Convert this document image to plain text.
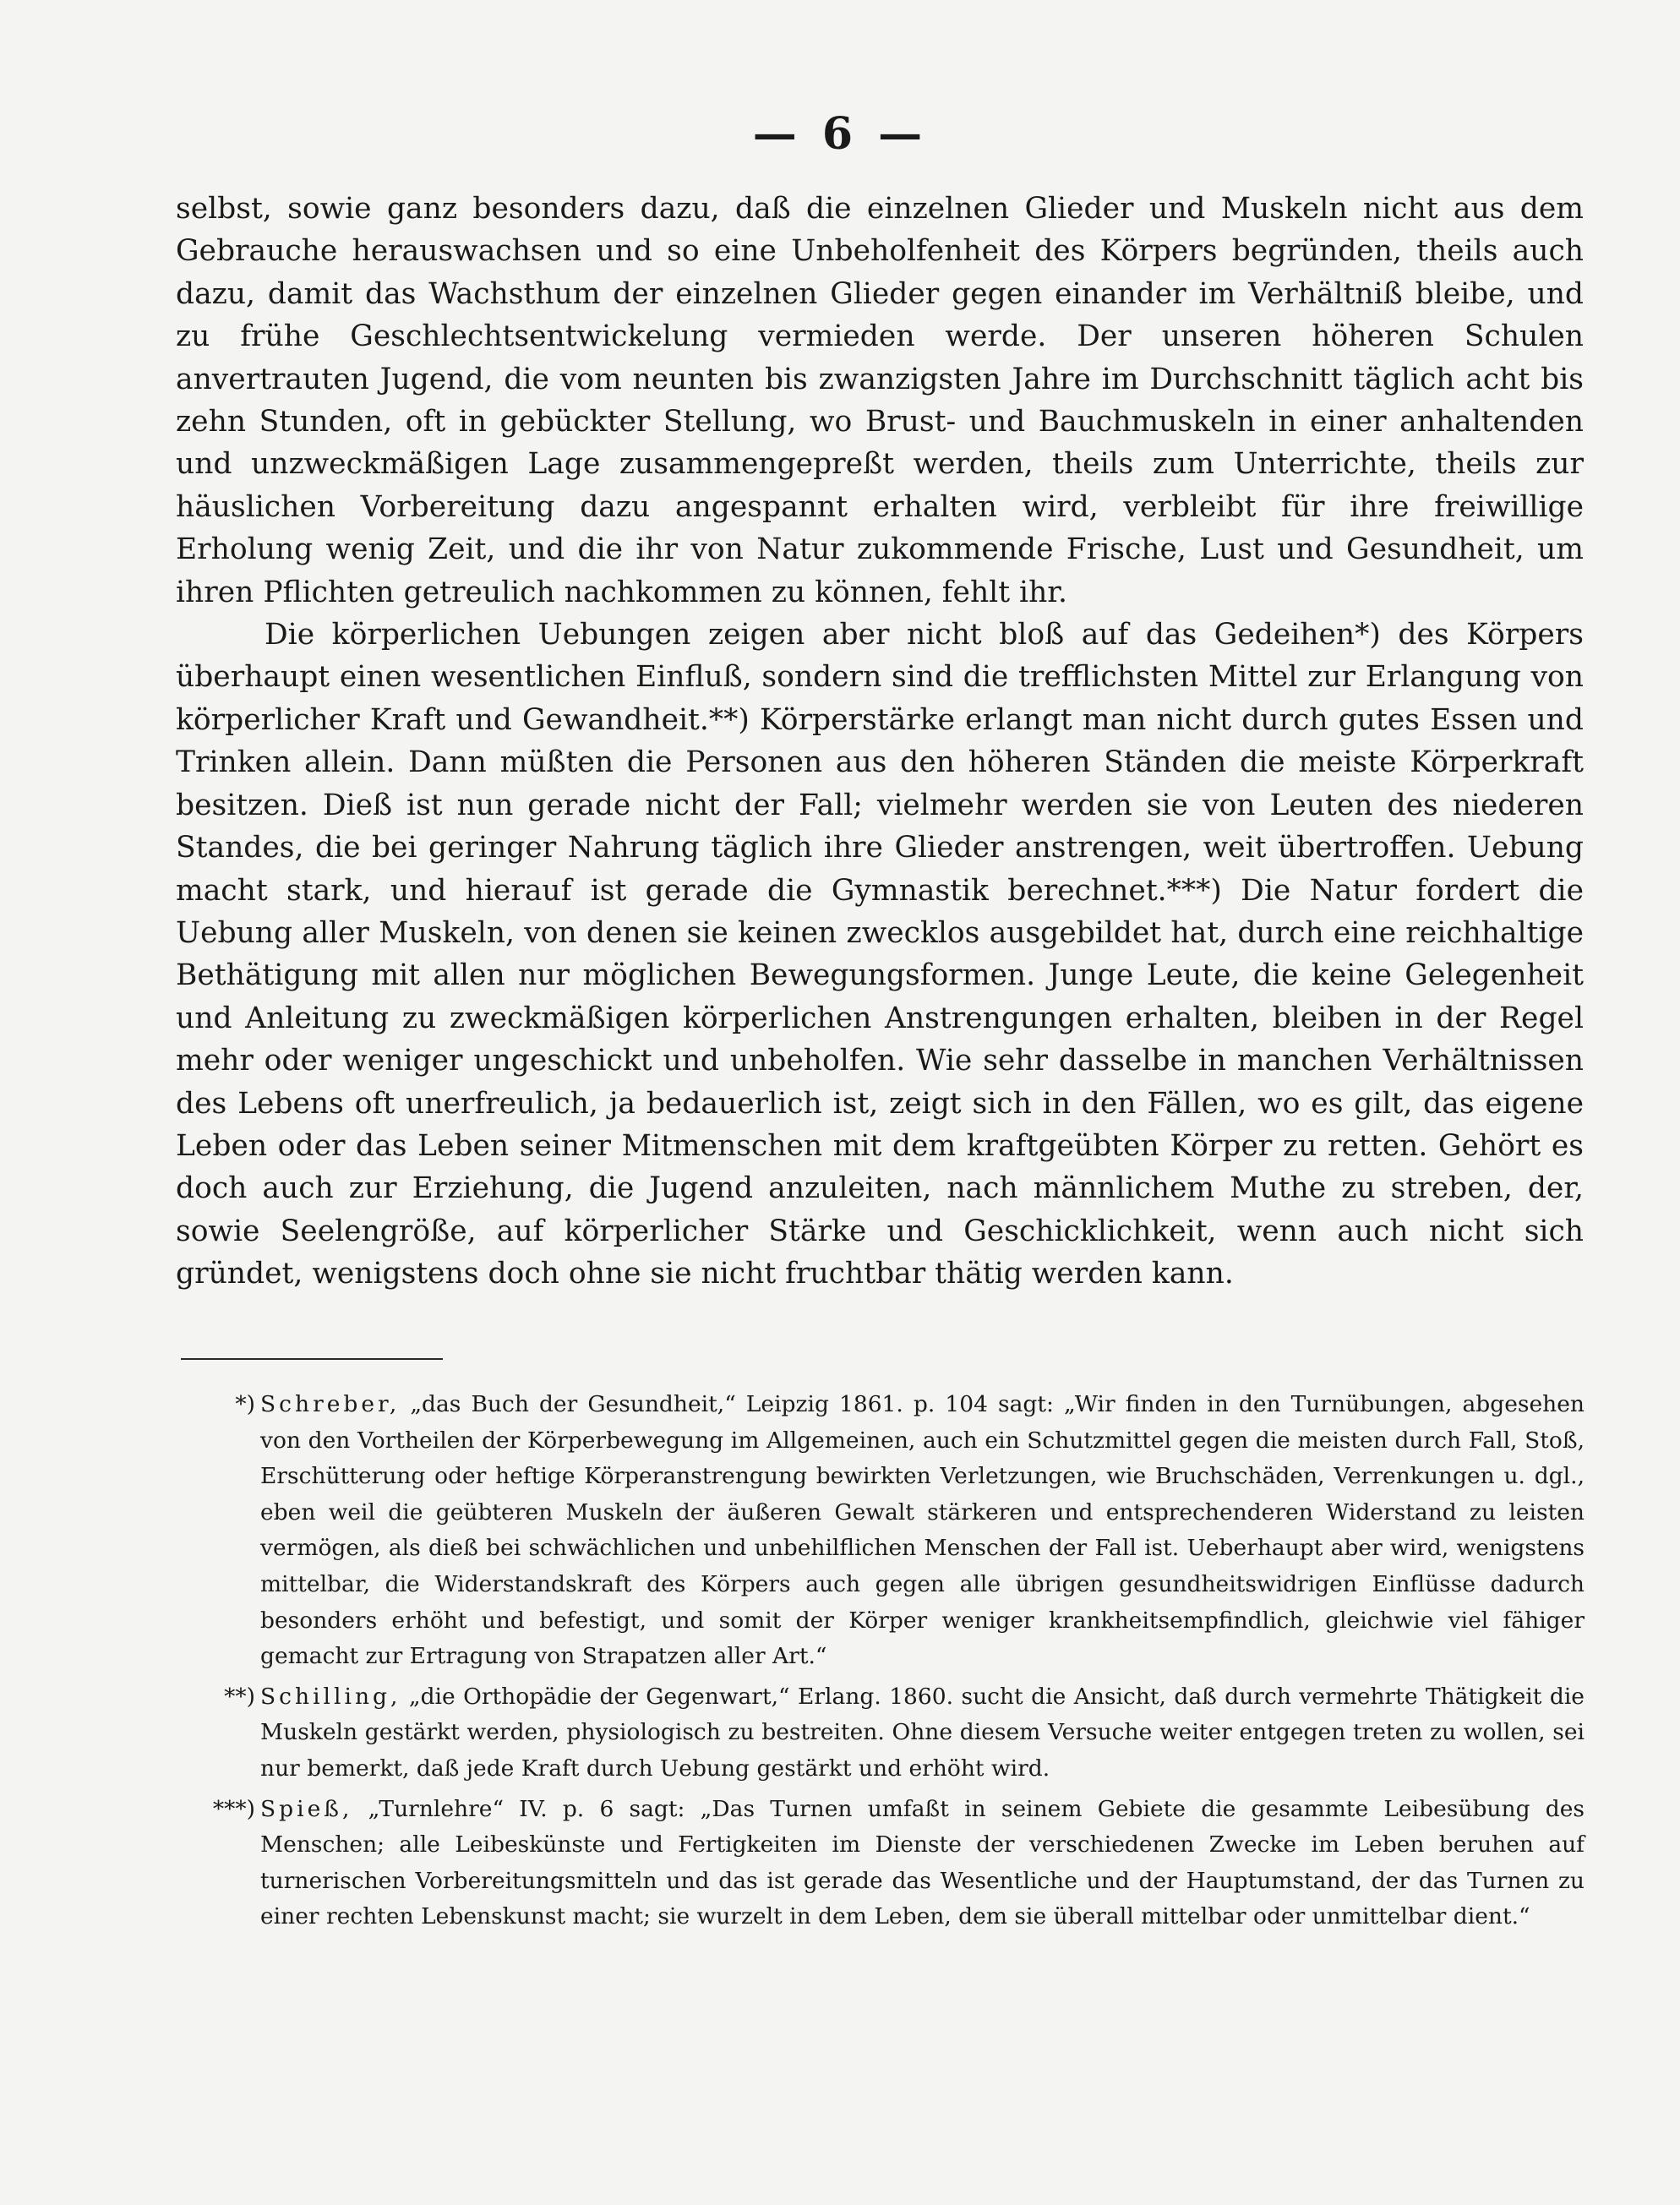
— 6 —

selbst, sowie ganz besonders dazu, daß die einzelnen Glieder und Muskeln nicht aus dem Gebrauche herauswachsen und so eine Unbeholfenheit des Körpers begründen, theils auch dazu, damit das Wachsthum der einzelnen Glieder gegen einander im Verhältniß bleibe, und zu frühe Geschlechtsentwickelung vermieden werde. Der unseren höheren Schulen anvertrauten Jugend, die vom neunten bis zwanzigsten Jahre im Durchschnitt täglich acht bis zehn Stunden, oft in gebückter Stellung, wo Brust- und Bauchmuskeln in einer anhaltenden und unzweckmäßigen Lage zusammengepreßt werden, theils zum Unterrichte, theils zur häuslichen Vorbereitung dazu angespannt erhalten wird, verbleibt für ihre freiwillige Erholung wenig Zeit, und die ihr von Natur zukommende Frische, Lust und Gesundheit, um ihren Pflichten getreulich nachkommen zu können, fehlt ihr.

Die körperlichen Uebungen zeigen aber nicht bloß auf das Gedeihen*) des Körpers überhaupt einen wesentlichen Einfluß, sondern sind die trefflichsten Mittel zur Erlangung von körperlicher Kraft und Gewandheit.**) Körperstärke erlangt man nicht durch gutes Essen und Trinken allein. Dann müßten die Personen aus den höheren Ständen die meiste Körperkraft besitzen. Dieß ist nun gerade nicht der Fall; vielmehr werden sie von Leuten des niederen Standes, die bei geringer Nahrung täglich ihre Glieder anstrengen, weit übertroffen. Uebung macht stark, und hierauf ist gerade die Gymnastik berechnet.***) Die Natur fordert die Uebung aller Muskeln, von denen sie keinen zwecklos ausgebildet hat, durch eine reichhaltige Bethätigung mit allen nur möglichen Bewegungsformen. Junge Leute, die keine Gelegenheit und Anleitung zu zweckmäßigen körperlichen Anstrengungen erhalten, bleiben in der Regel mehr oder weniger ungeschickt und unbeholfen. Wie sehr dasselbe in manchen Verhältnissen des Lebens oft unerfreulich, ja bedauerlich ist, zeigt sich in den Fällen, wo es gilt, das eigene Leben oder das Leben seiner Mitmenschen mit dem kraftgeübten Körper zu retten. Gehört es doch auch zur Erziehung, die Jugend anzuleiten, nach männlichem Muthe zu streben, der, sowie Seelengröße, auf körperlicher Stärke und Geschicklichkeit, wenn auch nicht sich gründet, wenigstens doch ohne sie nicht fruchtbar thätig werden kann.

*) Schreber, „das Buch der Gesundheit,“ Leipzig 1861. p. 104 sagt: „Wir finden in den Turnübungen, abgesehen von den Vortheilen der Körperbewegung im Allgemeinen, auch ein Schutzmittel gegen die meisten durch Fall, Stoß, Erschütterung oder heftige Körperanstrengung bewirkten Verletzungen, wie Bruchschäden, Verrenkungen u. dgl., eben weil die geübteren Muskeln der äußeren Gewalt stärkeren und entsprechenderen Widerstand zu leisten vermögen, als dieß bei schwächlichen und unbehilflichen Menschen der Fall ist. Ueberhaupt aber wird, wenigstens mittelbar, die Widerstandskraft des Körpers auch gegen alle übrigen gesundheitswidrigen Einflüsse dadurch besonders erhöht und befestigt, und somit der Körper weniger krankheitsempfindlich, gleichwie viel fähiger gemacht zur Ertragung von Strapatzen aller Art.“
**) Schilling, „die Orthopädie der Gegenwart,“ Erlang. 1860. sucht die Ansicht, daß durch vermehrte Thätigkeit die Muskeln gestärkt werden, physiologisch zu bestreiten. Ohne diesem Versuche weiter entgegen treten zu wollen, sei nur bemerkt, daß jede Kraft durch Uebung gestärkt und erhöht wird.
***) Spieß, „Turnlehre“ IV. p. 6 sagt: „Das Turnen umfaßt in seinem Gebiete die gesammte Leibesübung des Menschen; alle Leibeskünste und Fertigkeiten im Dienste der verschiedenen Zwecke im Leben beruhen auf turnerischen Vorbereitungsmitteln und das ist gerade das Wesentliche und der Hauptumstand, der das Turnen zu einer rechten Lebenskunst macht; sie wurzelt in dem Leben, dem sie überall mittelbar oder unmittelbar dient.“
